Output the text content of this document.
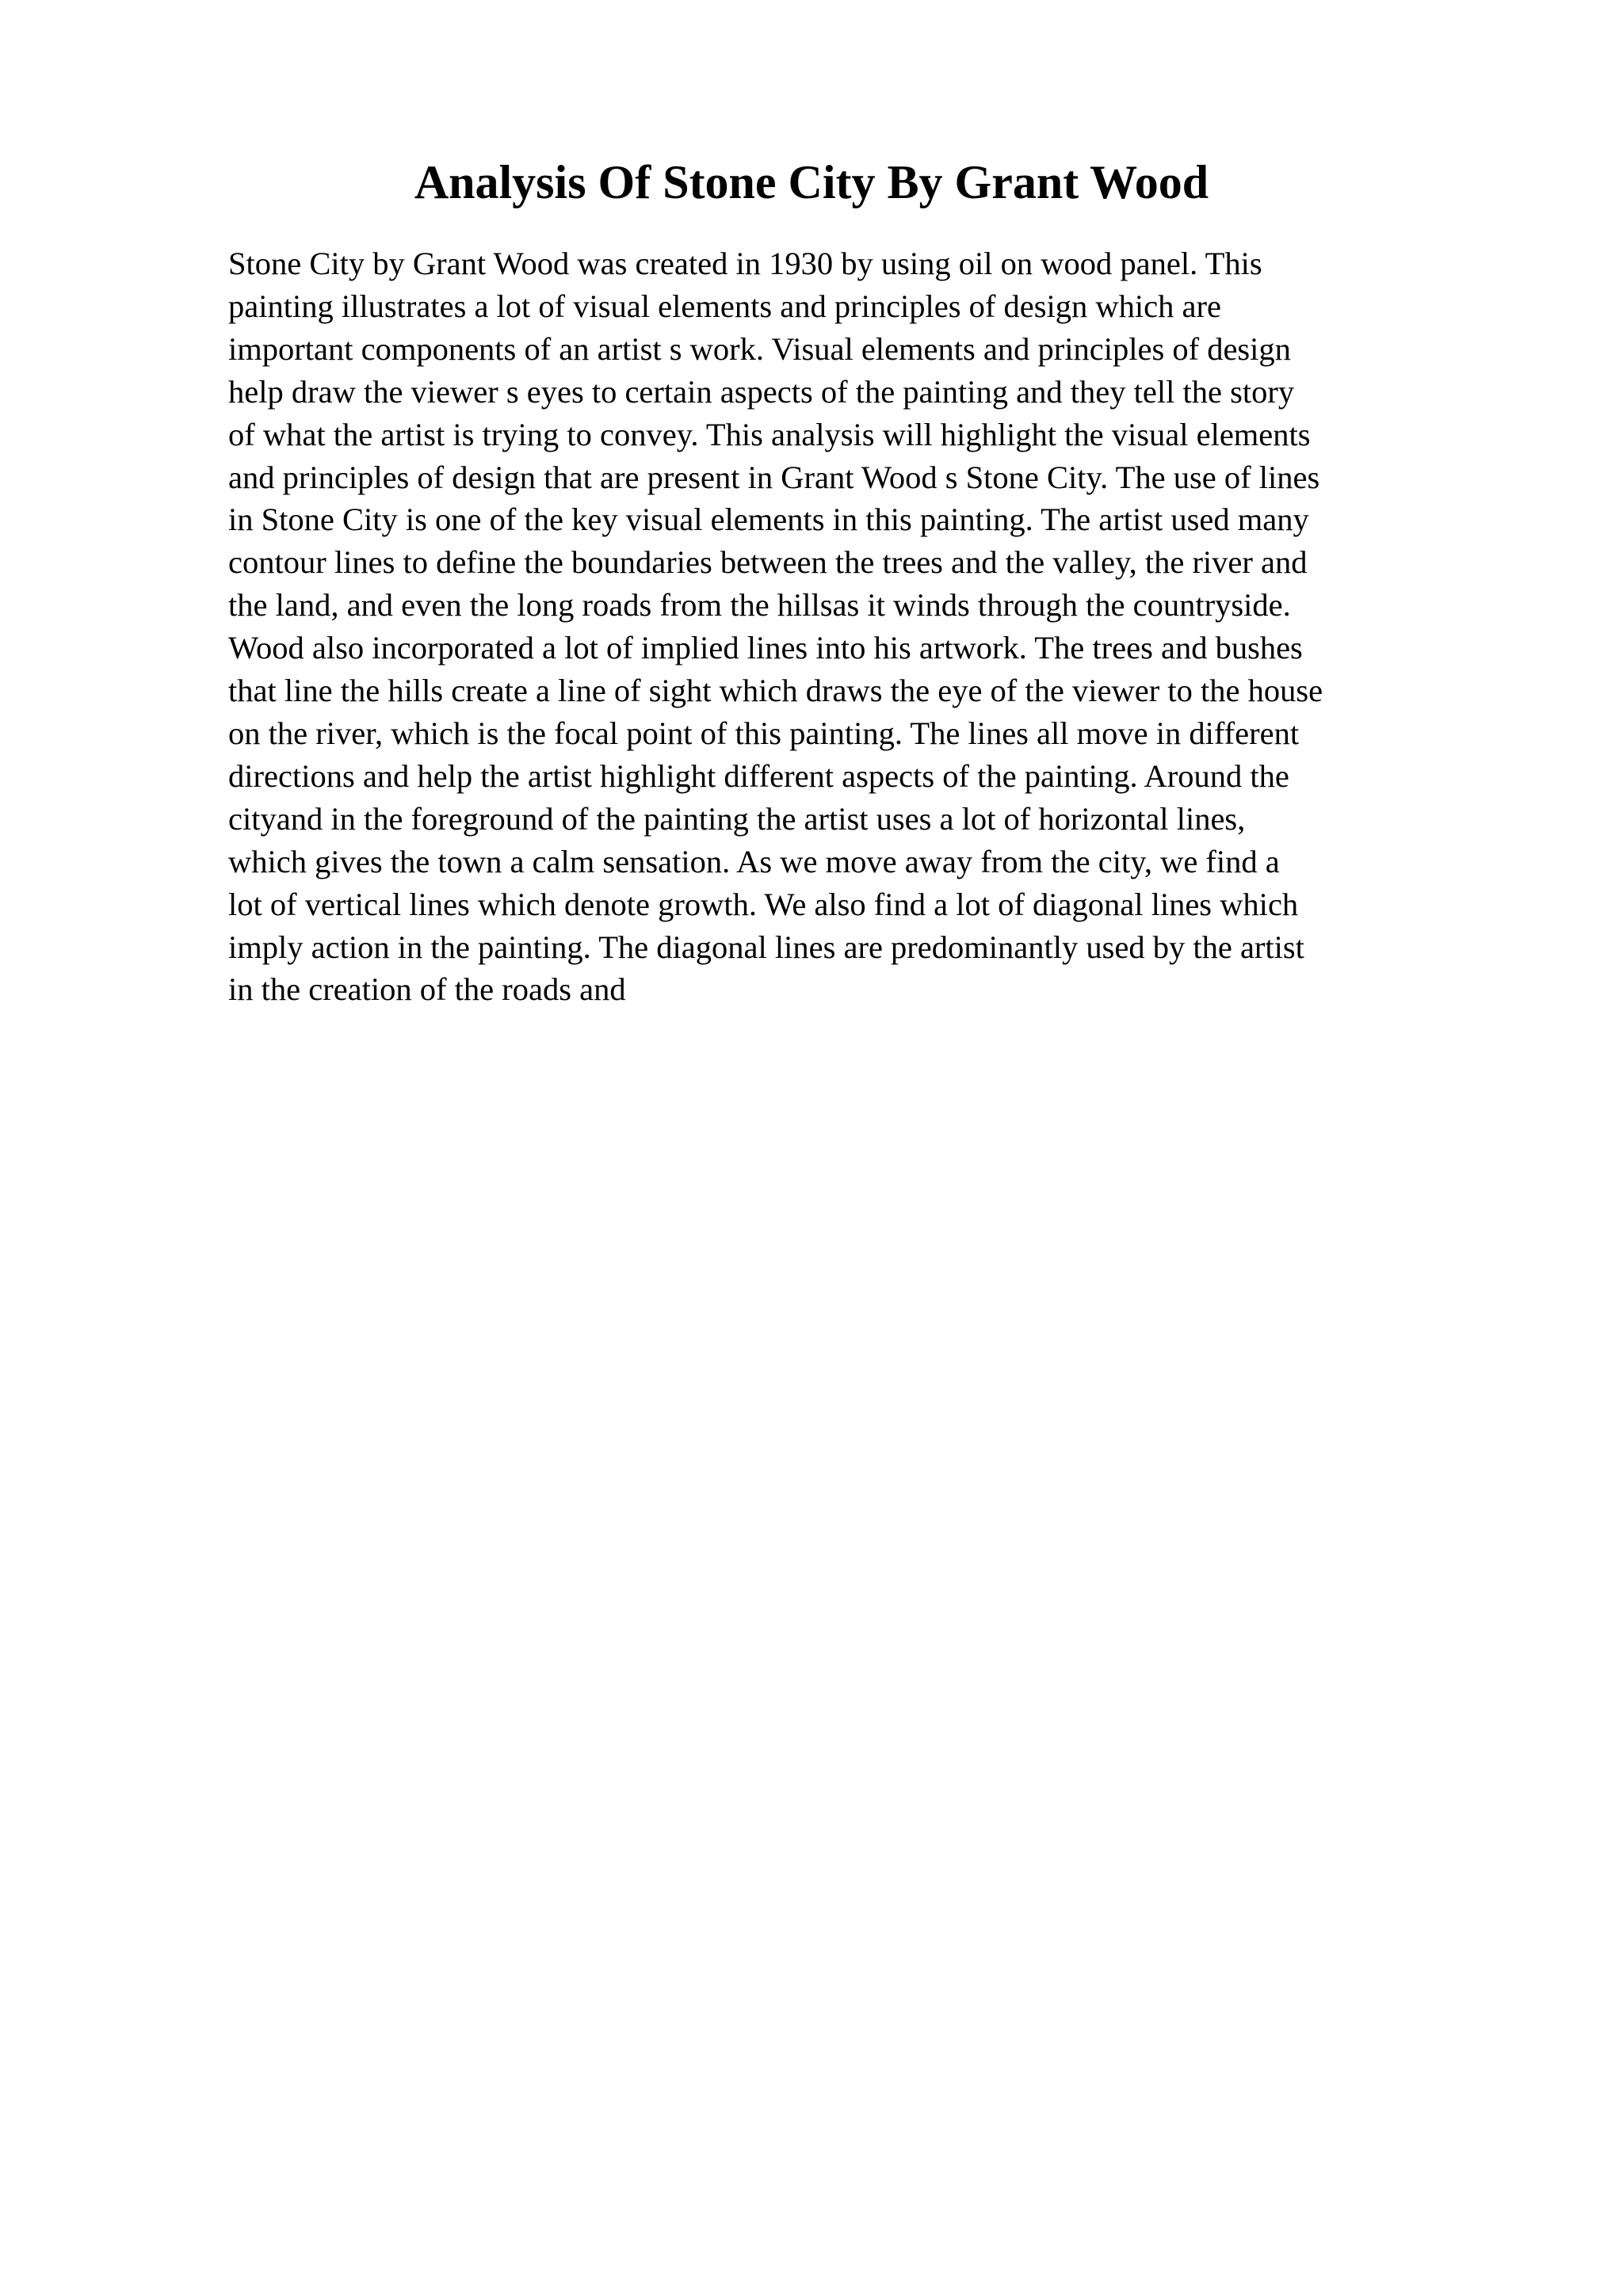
Analysis Of Stone City By Grant Wood
Stone City by Grant Wood was created in 1930 by using oil on wood panel. This
painting illustrates a lot of visual elements and principles of design which are
important components of an artist s work. Visual elements and principles of design
help draw the viewer s eyes to certain aspects of the painting and they tell the story
of what the artist is trying to convey. This analysis will highlight the visual elements
and principles of design that are present in Grant Wood s Stone City. The use of lines
in Stone City is one of the key visual elements in this painting. The artist used many
contour lines to define the boundaries between the trees and the valley, the river and
the land, and even the long roads from the hillsas it winds through the countryside.
Wood also incorporated a lot of implied lines into his artwork. The trees and bushes
that line the hills create a line of sight which draws the eye of the viewer to the house
on the river, which is the focal point of this painting. The lines all move in different
directions and help the artist highlight different aspects of the painting. Around the
cityand in the foreground of the painting the artist uses a lot of horizontal lines,
which gives the town a calm sensation. As we move away from the city, we find a
lot of vertical lines which denote growth. We also find a lot of diagonal lines which
imply action in the painting. The diagonal lines are predominantly used by the artist
in the creation of the roads and
